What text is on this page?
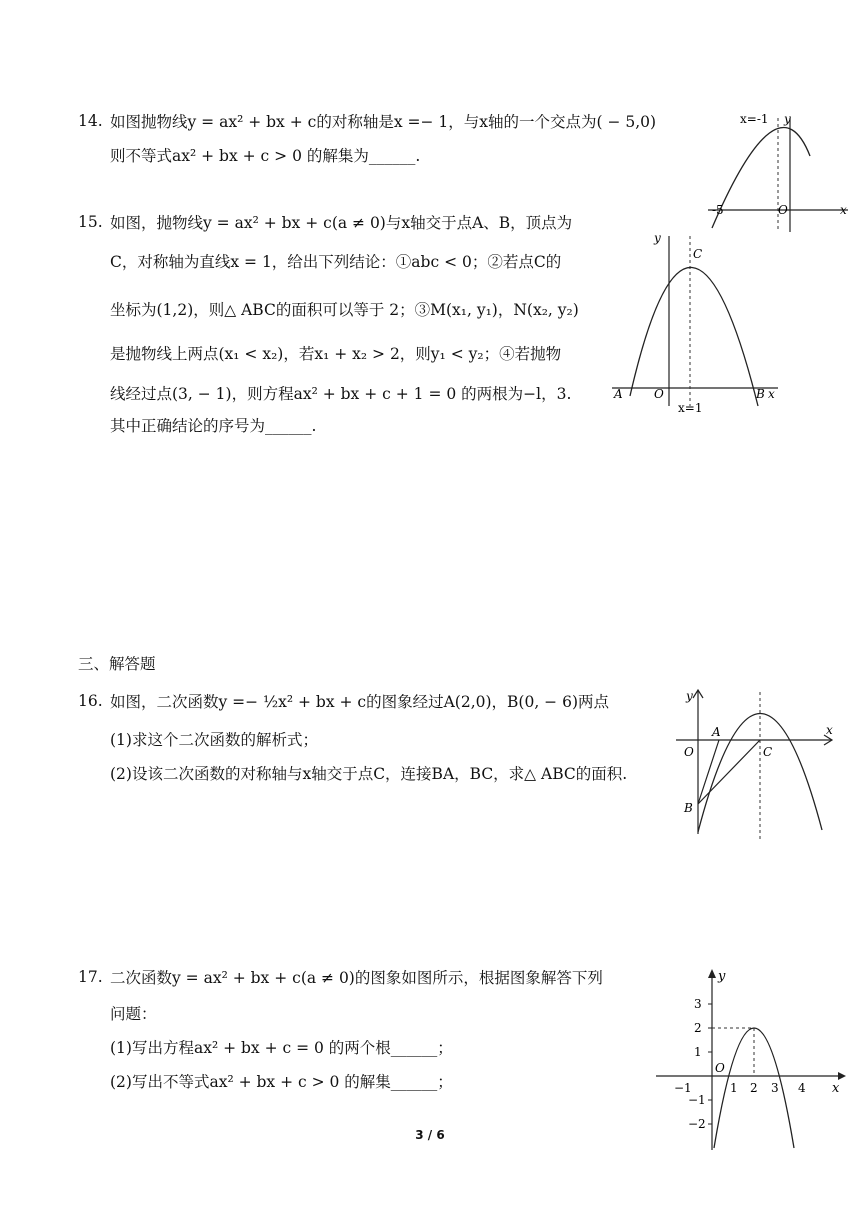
14. 如图抛物线y = ax² + bx + c的对称轴是x =− 1，与x轴的一个交点为( − 5,0)
则不等式ax² + bx + c > 0 的解集为______.
x=-1 y
-5	O	x
15. 如图，抛物线y = ax² + bx + c(a ≠ 0)与x轴交于点A、B，顶点为
C，对称轴为直线x = 1，给出下列结论：①abc < 0；②若点C的
坐标为(1,2)，则△ ABC的面积可以等于 2；③M(x₁, y₁)，N(x₂, y₂)
是抛物线上两点(x₁ < x₂)，若x₁ + x₂ > 2，则y₁ < y₂；④若抛物
线经过点(3, − 1)，则方程ax² + bx + c + 1 = 0 的两根为−l，3.
其中正确结论的序号为______.
y
C
A	O	B x
x=1
三、解答题
16. 如图，二次函数y =− ½x² + bx + c的图象经过A(2,0)，B(0, − 6)两点
(1)求这个二次函数的解析式；
(2)设该二次函数的对称轴与x轴交于点C，连接BA，BC，求△ ABC的面积.
y
O
A
C
B
x
17. 二次函数y = ax² + bx + c(a ≠ 0)的图象如图所示，根据图象解答下列
问题：
(1)写出方程ax² + bx + c = 0 的两个根______；
(2)写出不等式ax² + bx + c > 0 的解集______；
y
x
O
−1	1 2 3 4
3
2
1
−1
−2
3 / 6
